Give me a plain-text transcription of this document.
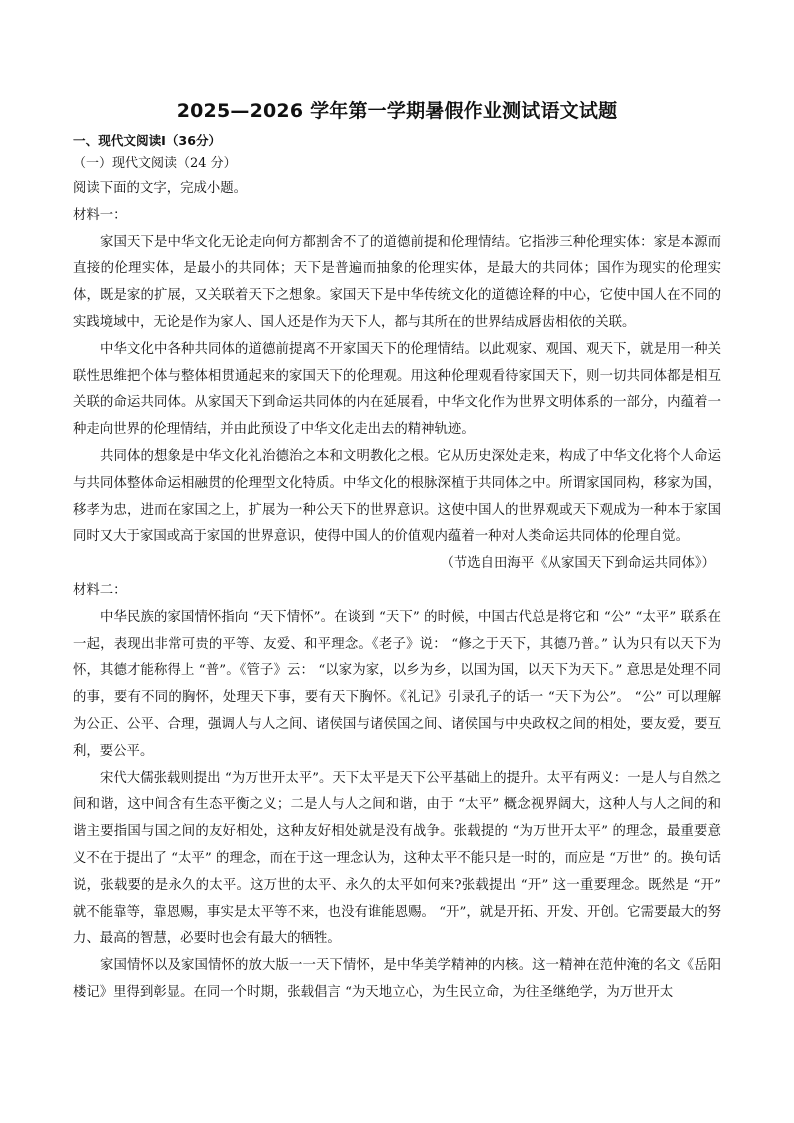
2025—2026 学年第一学期暑假作业测试语文试题

一、现代文阅读Ⅰ（36分）

（一）现代文阅读（24 分）

阅读下面的文字，完成小题。

材料一：

家国天下是中华文化无论走向何方都割舍不了的道德前提和伦理情结。它指涉三种伦理实体：家是本源而直接的伦理实体，是最小的共同体；天下是普遍而抽象的伦理实体，是最大的共同体；国作为现实的伦理实体，既是家的扩展，又关联着天下之想象。家国天下是中华传统文化的道德诠释的中心，它使中国人在不同的实践境域中，无论是作为家人、国人还是作为天下人，都与其所在的世界结成唇齿相依的关联。

中华文化中各种共同体的道德前提离不开家国天下的伦理情结。以此观家、观国、观天下，就是用一种关联性思维把个体与整体相贯通起来的家国天下的伦理观。用这种伦理观看待家国天下，则一切共同体都是相互关联的命运共同体。从家国天下到命运共同体的内在延展看，中华文化作为世界文明体系的一部分，内蕴着一种走向世界的伦理情结，并由此预设了中华文化走出去的精神轨迹。

共同体的想象是中华文化礼治德治之本和文明教化之根。它从历史深处走来，构成了中华文化将个人命运与共同体整体命运相融贯的伦理型文化特质。中华文化的根脉深植于共同体之中。所谓家国同构，移家为国，移孝为忠，进而在家国之上，扩展为一种公天下的世界意识。这使中国人的世界观或天下观成为一种本于家国同时又大于家国或高于家国的世界意识，使得中国人的价值观内蕴着一种对人类命运共同体的伦理自觉。

（节选自田海平《从家国天下到命运共同体》）

材料二：

中华民族的家国情怀指向 “天下情怀”。在谈到 “天下” 的时候，中国古代总是将它和 “公” “太平” 联系在一起，表现出非常可贵的平等、友爱、和平理念。《老子》说： “修之于天下，其德乃普。” 认为只有以天下为怀，其德才能称得上 “普”。《管子》云： “以家为家，以乡为乡，以国为国，以天下为天下。” 意思是处理不同的事，要有不同的胸怀，处理天下事，要有天下胸怀。《礼记》引录孔子的话一 “天下为公”。 “公” 可以理解为公正、公平、合理，强调人与人之间、诸侯国与诸侯国之间、诸侯国与中央政权之间的相处，要友爱，要互利，要公平。

宋代大儒张载则提出 “为万世开太平”。天下太平是天下公平基础上的提升。太平有两义：一是人与自然之间和谐，这中间含有生态平衡之义；二是人与人之间和谐，由于 “太平” 概念视界阔大，这种人与人之间的和谐主要指国与国之间的友好相处，这种友好相处就是没有战争。张载提的 “为万世开太平” 的理念，最重要意义不在于提出了 “太平” 的理念，而在于这一理念认为，这种太平不能只是一时的，而应是 “万世” 的。换句话说，张载要的是永久的太平。这万世的太平、永久的太平如何来?张载提出 “开” 这一重要理念。既然是 “开” 就不能靠等，靠恩赐，事实是太平等不来，也没有谁能恩赐。 “开”，就是开拓、开发、开创。它需要最大的努力、最高的智慧，必要时也会有最大的牺牲。

家国情怀以及家国情怀的放大版一一天下情怀，是中华美学精神的内核。这一精神在范仲淹的名文《岳阳楼记》里得到彰显。在同一个时期，张载倡言 “为天地立心，为生民立命，为往圣继绝学，为万世开太
